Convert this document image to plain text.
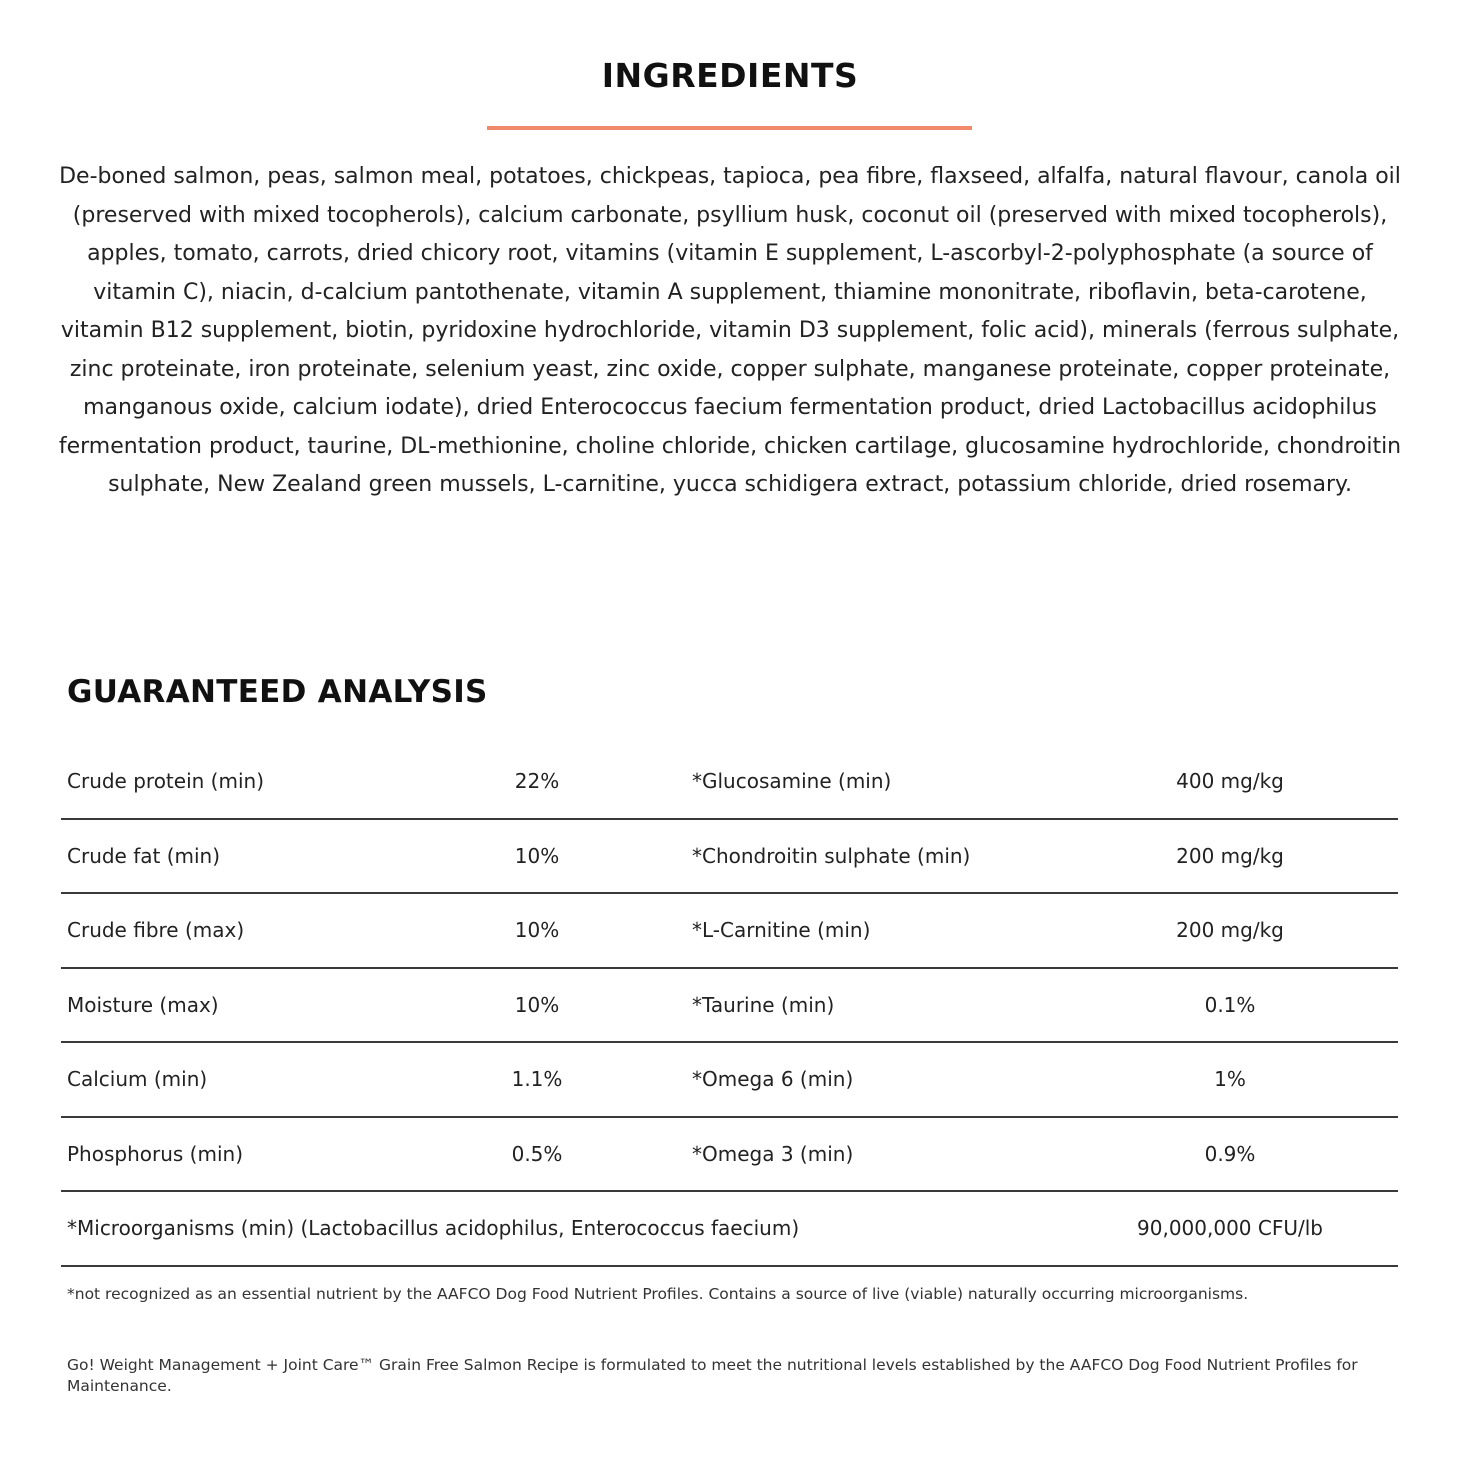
INGREDIENTS
De-boned salmon, peas, salmon meal, potatoes, chickpeas, tapioca, pea fibre, flaxseed, alfalfa, natural flavour, canola oil (preserved with mixed tocopherols), calcium carbonate, psyllium husk, coconut oil (preserved with mixed tocopherols), apples, tomato, carrots, dried chicory root, vitamins (vitamin E supplement, L-ascorbyl-2-polyphosphate (a source of vitamin C), niacin, d-calcium pantothenate, vitamin A supplement, thiamine mononitrate, riboflavin, beta-carotene, vitamin B12 supplement, biotin, pyridoxine hydrochloride, vitamin D3 supplement, folic acid), minerals (ferrous sulphate, zinc proteinate, iron proteinate, selenium yeast, zinc oxide, copper sulphate, manganese proteinate, copper proteinate, manganous oxide, calcium iodate), dried Enterococcus faecium fermentation product, dried Lactobacillus acidophilus fermentation product, taurine, DL-methionine, choline chloride, chicken cartilage, glucosamine hydrochloride, chondroitin sulphate, New Zealand green mussels, L-carnitine, yucca schidigera extract, potassium chloride, dried rosemary.
GUARANTEED ANALYSIS
Crude protein (min)	22%	*Glucosamine (min)	400 mg/kg
Crude fat (min)	10%	*Chondroitin sulphate (min)	200 mg/kg
Crude fibre (max)	10%	*L-Carnitine (min)	200 mg/kg
Moisture (max)	10%	*Taurine (min)	0.1%
Calcium (min)	1.1%	*Omega 6 (min)	1%
Phosphorus (min)	0.5%	*Omega 3 (min)	0.9%
*Microorganisms (min) (Lactobacillus acidophilus, Enterococcus faecium)	90,000,000 CFU/lb
*not recognized as an essential nutrient by the AAFCO Dog Food Nutrient Profiles. Contains a source of live (viable) naturally occurring microorganisms.
Go! Weight Management + Joint Care™ Grain Free Salmon Recipe is formulated to meet the nutritional levels established by the AAFCO Dog Food Nutrient Profiles for Maintenance.
